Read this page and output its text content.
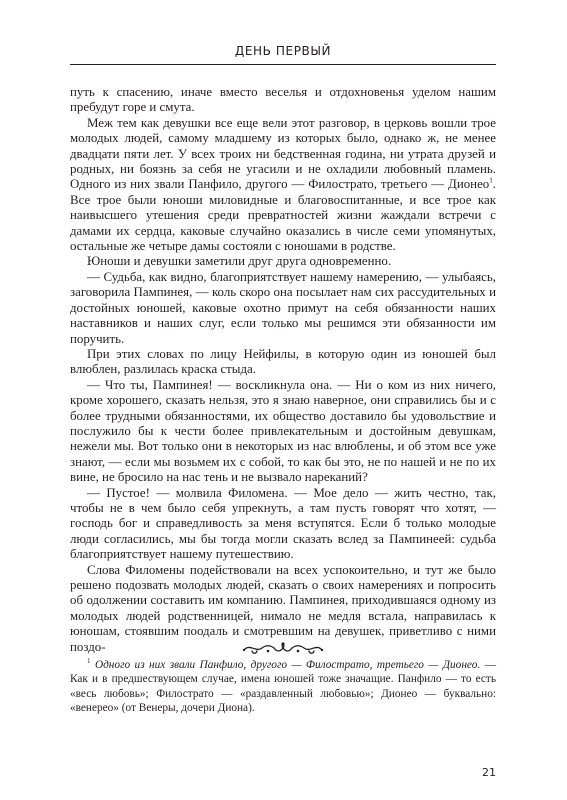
ДЕНЬ ПЕРВЫЙ

путь к спасению, иначе вместо веселья и отдохновенья уделом нашим пребудут горе и смута.

Меж тем как девушки все еще вели этот разговор, в церковь вошли трое молодых людей, самому младшему из которых было, однако ж, не менее двадцати пяти лет. У всех троих ни бедственная година, ни утрата друзей и родных, ни боязнь за себя не угасили и не охладили любовный пламень. Одного из них звали Панфило, другого — Филострато, третьего — Дионео$^1$. Все трое были юноши миловидные и благовоспитанные, и все трое как наивысшего утешения среди превратностей жизни жаждали встречи с дамами их сердца, каковые случайно оказались в числе семи упомянутых, остальные же четыре дамы состояли с юношами в родстве.

Юноши и девушки заметили друг друга одновременно.

— Судьба, как видно, благоприятствует нашему намерению, — улыбаясь, заговорила Пампинея, — коль скоро она посылает нам сих рассудительных и достойных юношей, каковые охотно примут на себя обязанности наших наставников и наших слуг, если только мы решимся эти обязанности им поручить.

При этих словах по лицу Нейфилы, в которую один из юношей был влюблен, разлилась краска стыда.

— Что ты, Пампинея! — воскликнула она. — Ни о ком из них ничего, кроме хорошего, сказать нельзя, это я знаю наверное, они справились бы и с более трудными обязанностями, их общество доставило бы удовольствие и послужило бы к чести более привлекательным и достойным девушкам, нежели мы. Вот только они в некоторых из нас влюблены, и об этом все уже знают, — если мы возьмем их с собой, то как бы это, не по нашей и не по их вине, не бросило на нас тень и не вызвало нареканий?

— Пустое! — молвила Филомена. — Мое дело — жить честно, так, чтобы не в чем было себя упрекнуть, а там пусть говорят что хотят, — господь бог и справедливость за меня вступятся. Если б только молодые люди согласились, мы бы тогда могли сказать вслед за Пампинеей: судьба благоприятствует нашему путешествию.

Слова Филомены подействовали на всех успокоительно, и тут же было решено подозвать молодых людей, сказать о своих намерениях и попросить об одолжении составить им компанию. Пампинея, приходившаяся одному из молодых людей родственницей, нимало не медля встала, направилась к юношам, стоявшим поодаль и смотревшим на девушек, приветливо с ними поздо-

$^1$ Одного из них звали Панфило, другого — Филострато, третьего — Дионео. — Как и в предшествующем случае, имена юношей тоже значащие. Панфило — то есть «весь любовь»; Филострато — «раздавленный любовью»; Дионео — буквально: «венерео» (от Венеры, дочери Диона).

21
